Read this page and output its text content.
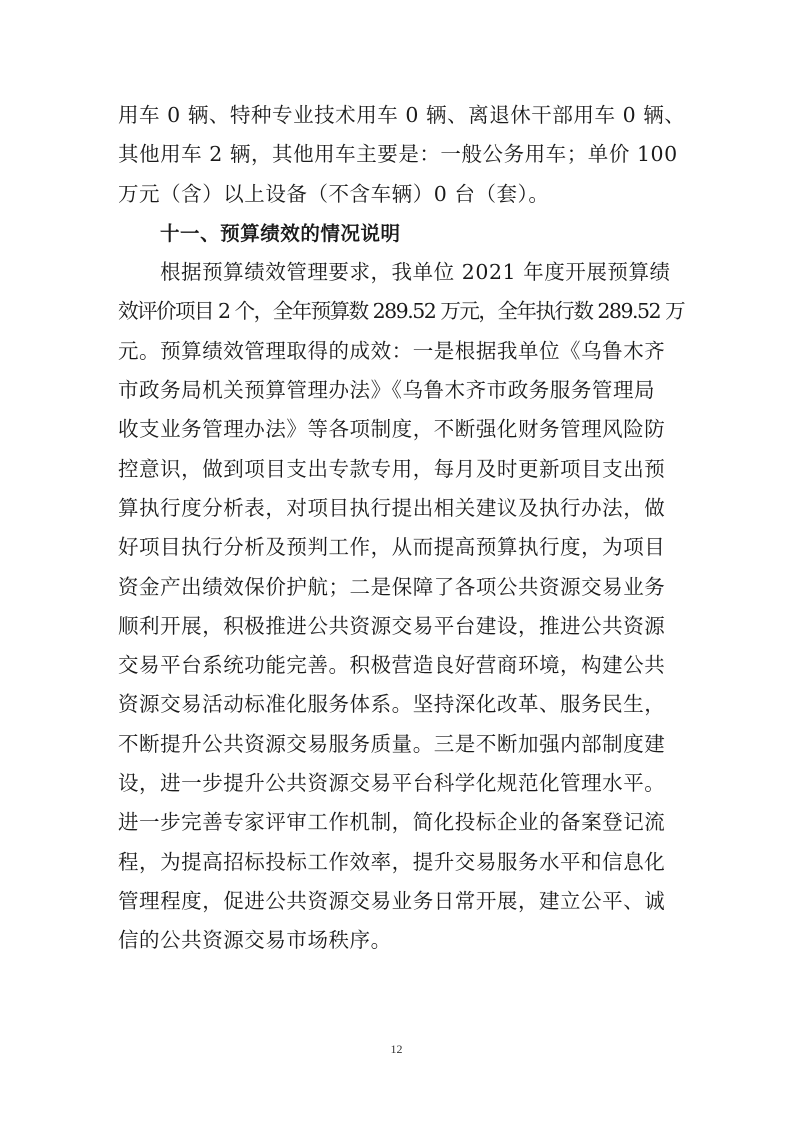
用车 0 辆、特种专业技术用车 0 辆、离退休干部用车 0 辆、
其他用车 2 辆，其他用车主要是：一般公务用车；单价 100
万元（含）以上设备（不含车辆）0 台（套）。
十一、预算绩效的情况说明
根据预算绩效管理要求，我单位 2021 年度开展预算绩
效评价项目 2 个，全年预算数 289.52 万元，全年执行数 289.52 万
元。预算绩效管理取得的成效：一是根据我单位《乌鲁木齐
市政务局机关预算管理办法》《乌鲁木齐市政务服务管理局
收支业务管理办法》等各项制度，不断强化财务管理风险防
控意识，做到项目支出专款专用，每月及时更新项目支出预
算执行度分析表，对项目执行提出相关建议及执行办法，做
好项目执行分析及预判工作，从而提高预算执行度，为项目
资金产出绩效保价护航；二是保障了各项公共资源交易业务
顺利开展，积极推进公共资源交易平台建设，推进公共资源
交易平台系统功能完善。积极营造良好营商环境，构建公共
资源交易活动标准化服务体系。坚持深化改革、服务民生，
不断提升公共资源交易服务质量。三是不断加强内部制度建
设，进一步提升公共资源交易平台科学化规范化管理水平。
进一步完善专家评审工作机制，简化投标企业的备案登记流
程，为提高招标投标工作效率，提升交易服务水平和信息化
管理程度，促进公共资源交易业务日常开展，建立公平、诚
信的公共资源交易市场秩序。
12
